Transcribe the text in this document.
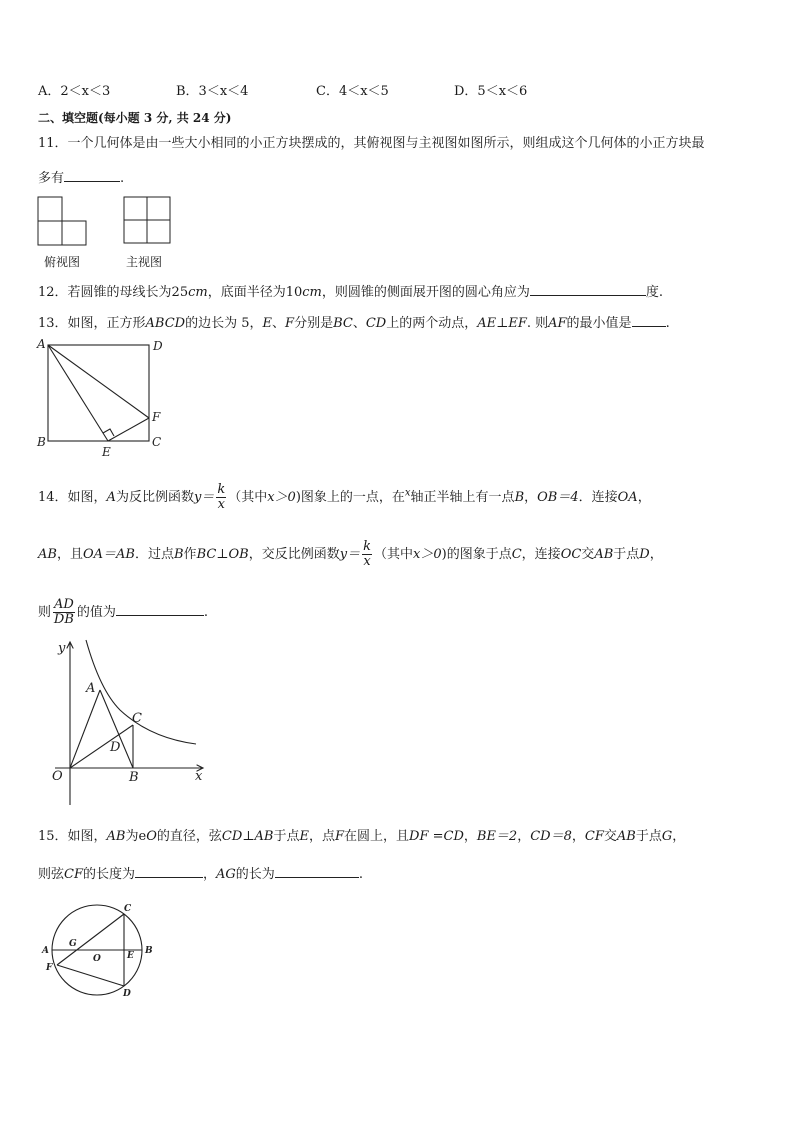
A．2＜x＜3	B．3＜x＜4	C．4＜x＜5	D．5＜x＜6
二、填空题(每小题 3 分, 共 24 分)
11．一个几何体是由一些大小相同的小正方块摆成的，其俯视图与主视图如图所示，则组成这个几何体的小正方块最
多有	.
俯视图	主视图
12．若圆锥的母线长为25cm，底面半径为10cm，则圆锥的侧面展开图的圆心角应为	度.
13．如图，正方形ABCD的边长为 5，E、F分别是BC、CD上的两个动点，AE⊥EF. 则AF的最小值是	.
A	D
B	C
E
F
14．如图，A为反比例函数$y= \frac{k}{x}$ （其中x＞0)图象上的一点，在$^x$轴正半轴上有一点B，OB＝4．连接OA，
AB，且OA＝AB．过点B作BC⊥OB，交反比例函数$y= \frac{k}{x}$ （其中x＞0)的图象于点C，连接OC交AB于点D，
则 $\frac{AD}{DB}$ 的值为	.
y
x
O
A
B
C
D
15．如图，AB为eO的直径，弦CD⊥AB于点E，点F在圆上，且DF =CD，BE＝2，CD＝8，CF交AB于点G，
则弦CF的长度为	，AG的长为	.
A	B
C
D
E
F
G
O
